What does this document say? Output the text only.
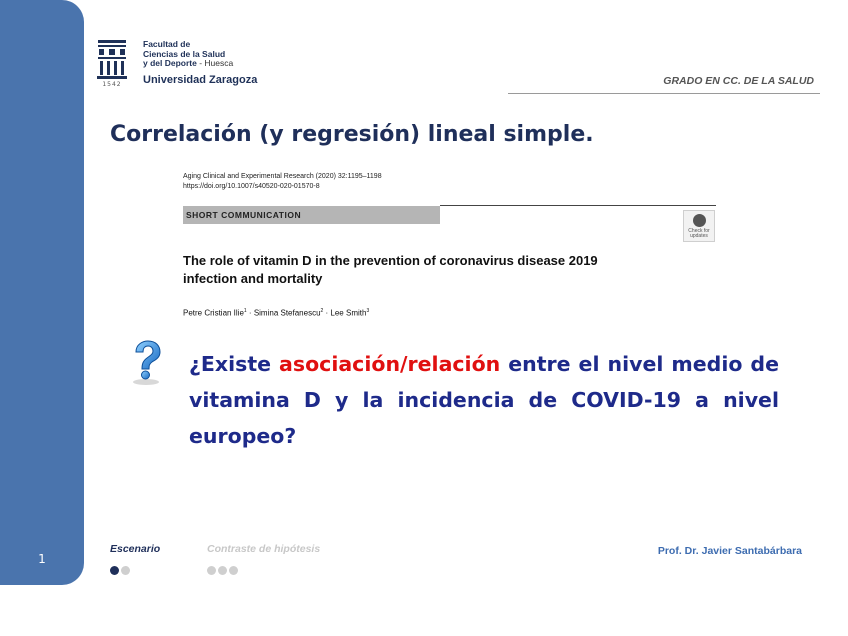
1
1542
Facultad de
Ciencias de la Salud
y del Deporte - Huesca
Universidad Zaragoza	GRADO EN CC. DE LA SALUD
Correlación (y regresión) lineal simple.
Aging Clinical and Experimental Research (2020) 32:1195–1198
https://doi.org/10.1007/s40520-020-01570-8
SHORT COMMUNICATION
Check for updates
The role of vitamin D in the prevention of coronavirus disease 2019
infection and mortality
Petre Cristian Ilie$^1$ · Simina Stefanescu$^2$ · Lee Smith$^3$

¿Existe asociación/relación entre el nivel medio de vitamina D y la incidencia de COVID-19 a nivel europeo?

Escenario	Contraste de hipótesis	Prof. Dr. Javier Santabárbara
